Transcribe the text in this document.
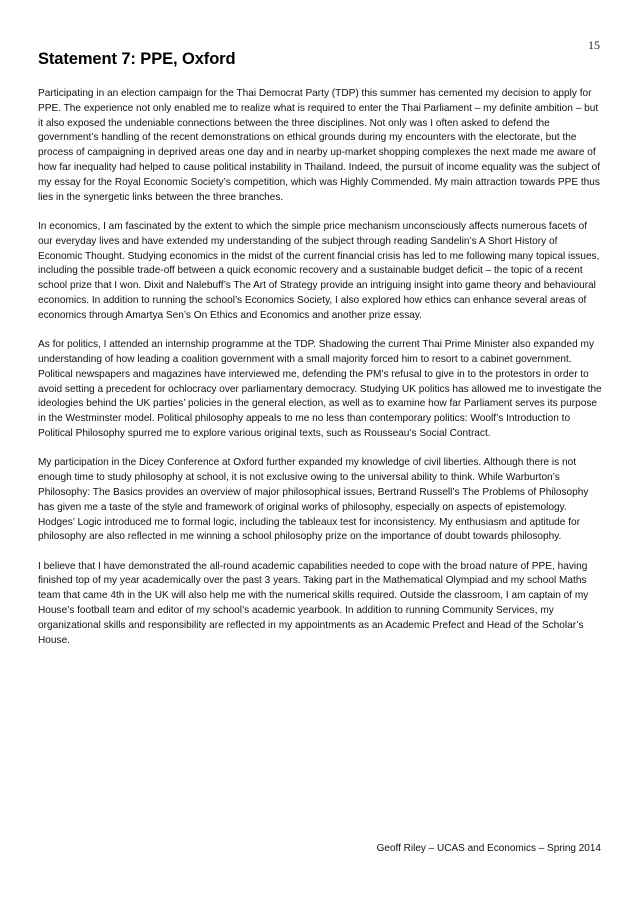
15
Statement 7: PPE, Oxford

Participating in an election campaign for the Thai Democrat Party (TDP) this summer has cemented my decision to apply for PPE. The experience not only enabled me to realize what is required to enter the Thai Parliament – my definite ambition – but it also exposed the undeniable connections between the three disciplines. Not only was I often asked to defend the government’s handling of the recent demonstrations on ethical grounds during my encounters with the electorate, but the process of campaigning in deprived areas one day and in nearby up-market shopping complexes the next made me aware of how far inequality had helped to cause political instability in Thailand. Indeed, the pursuit of income equality was the subject of my essay for the Royal Economic Society’s competition, which was Highly Commended. My main attraction towards PPE thus lies in the synergetic links between the three branches.

In economics, I am fascinated by the extent to which the simple price mechanism unconsciously affects numerous facets of our everyday lives and have extended my understanding of the subject through reading Sandelin’s A Short History of Economic Thought. Studying economics in the midst of the current financial crisis has led to me following many topical issues, including the possible trade-off between a quick economic recovery and a sustainable budget deficit – the topic of a recent school prize that I won. Dixit and Nalebuff’s The Art of Strategy provide an intriguing insight into game theory and behavioural economics. In addition to running the school’s Economics Society, I also explored how ethics can enhance several areas of economics through Amartya Sen’s On Ethics and Economics and another prize essay.

As for politics, I attended an internship programme at the TDP. Shadowing the current Thai Prime Minister also expanded my understanding of how leading a coalition government with a small majority forced him to resort to a cabinet government. Political newspapers and magazines have interviewed me, defending the PM’s refusal to give in to the protestors in order to avoid setting a precedent for ochlocracy over parliamentary democracy. Studying UK politics has allowed me to investigate the ideologies behind the UK parties’ policies in the general election, as well as to examine how far Parliament serves its purpose in the Westminster model. Political philosophy appeals to me no less than contemporary politics: Woolf’s Introduction to Political Philosophy spurred me to explore various original texts, such as Rousseau’s Social Contract.

My participation in the Dicey Conference at Oxford further expanded my knowledge of civil liberties. Although there is not enough time to study philosophy at school, it is not exclusive owing to the universal ability to think. While Warburton’s Philosophy: The Basics provides an overview of major philosophical issues, Bertrand Russell’s The Problems of Philosophy has given me a taste of the style and framework of original works of philosophy, especially on aspects of epistemology. Hodges’ Logic introduced me to formal logic, including the tableaux test for inconsistency. My enthusiasm and aptitude for philosophy are also reflected in me winning a school philosophy prize on the importance of doubt towards philosophy.

I believe that I have demonstrated the all-round academic capabilities needed to cope with the broad nature of PPE, having finished top of my year academically over the past 3 years. Taking part in the Mathematical Olympiad and my school Maths team that came 4th in the UK will also help me with the numerical skills required. Outside the classroom, I am captain of my House’s football team and editor of my school’s academic yearbook. In addition to running Community Services, my organizational skills and responsibility are reflected in my appointments as an Academic Prefect and Head of the Scholar’s House.

Geoff Riley – UCAS and Economics – Spring 2014
